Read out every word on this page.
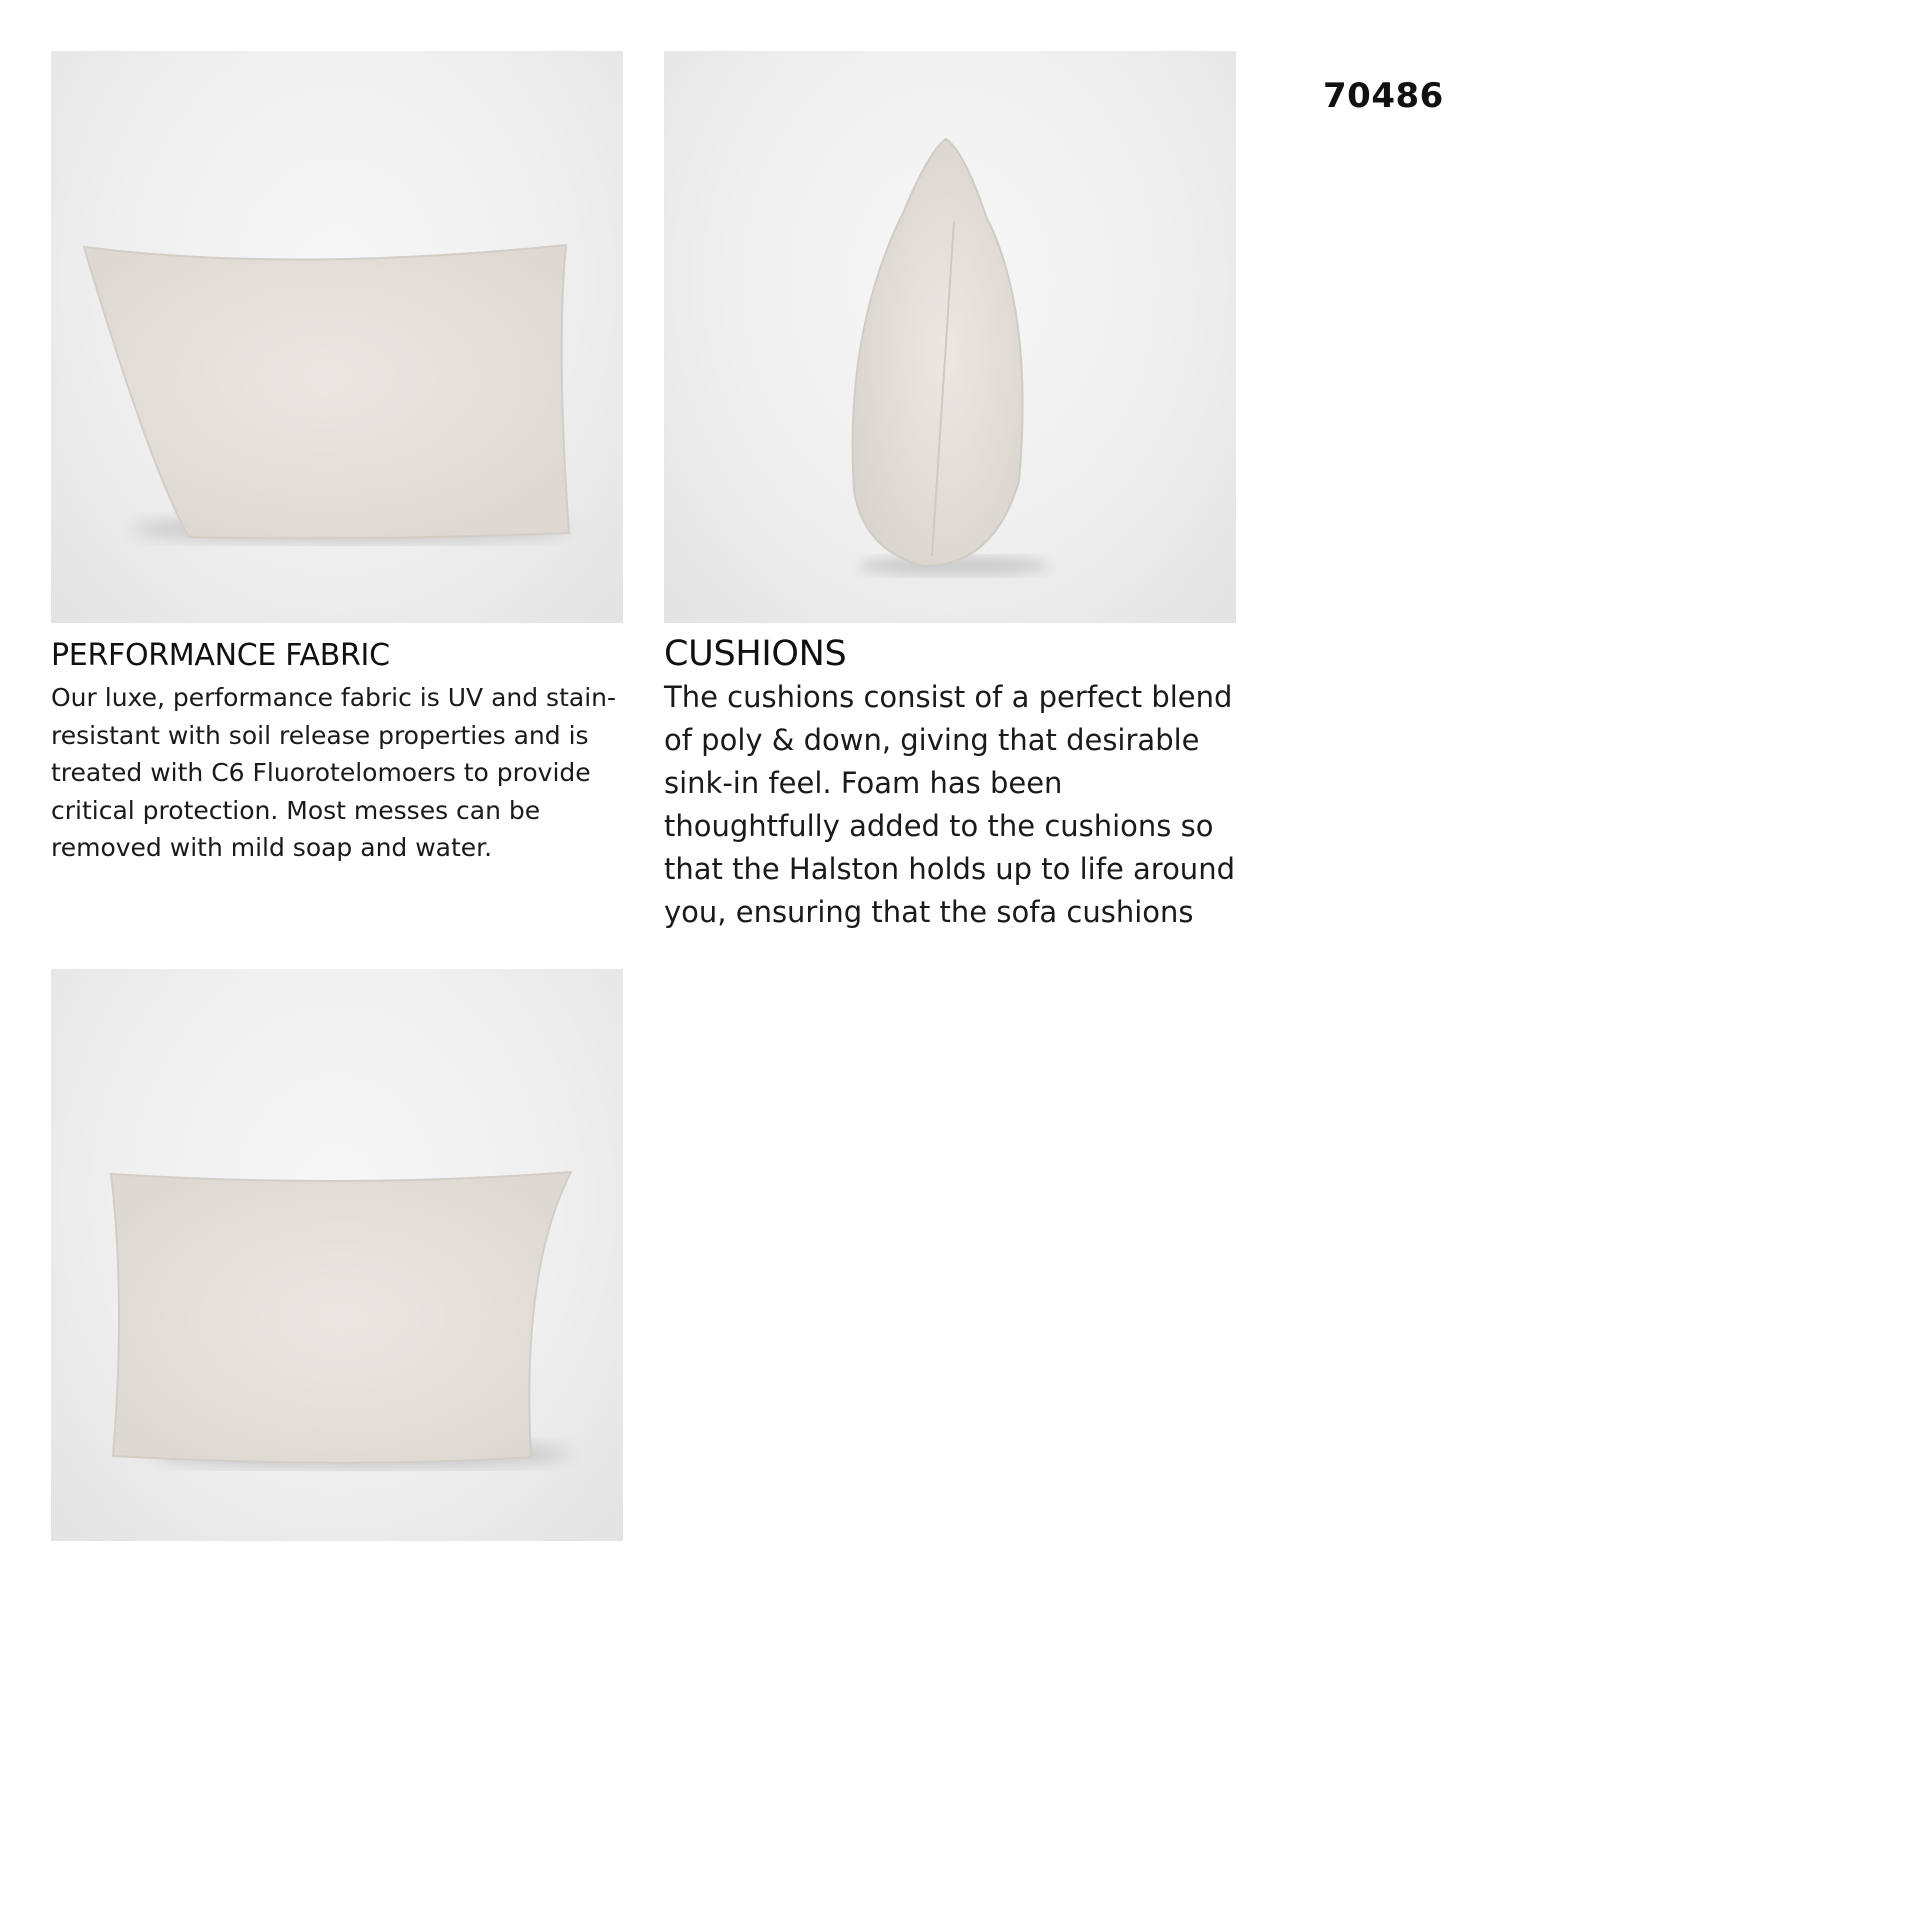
70486
PERFORMANCE FABRIC

Our luxe, performance fabric is UV and stain-resistant with soil release properties and is treated with C6 Fluorotelomoers to provide critical protection. Most messes can be removed with mild soap and water.

CUSHIONS

The cushions consist of a perfect blend of poly & down, giving that desirable sink-in feel. Foam has been thoughtfully added to the cushions so that the Halston holds up to life around you, ensuring that the sofa cushions
